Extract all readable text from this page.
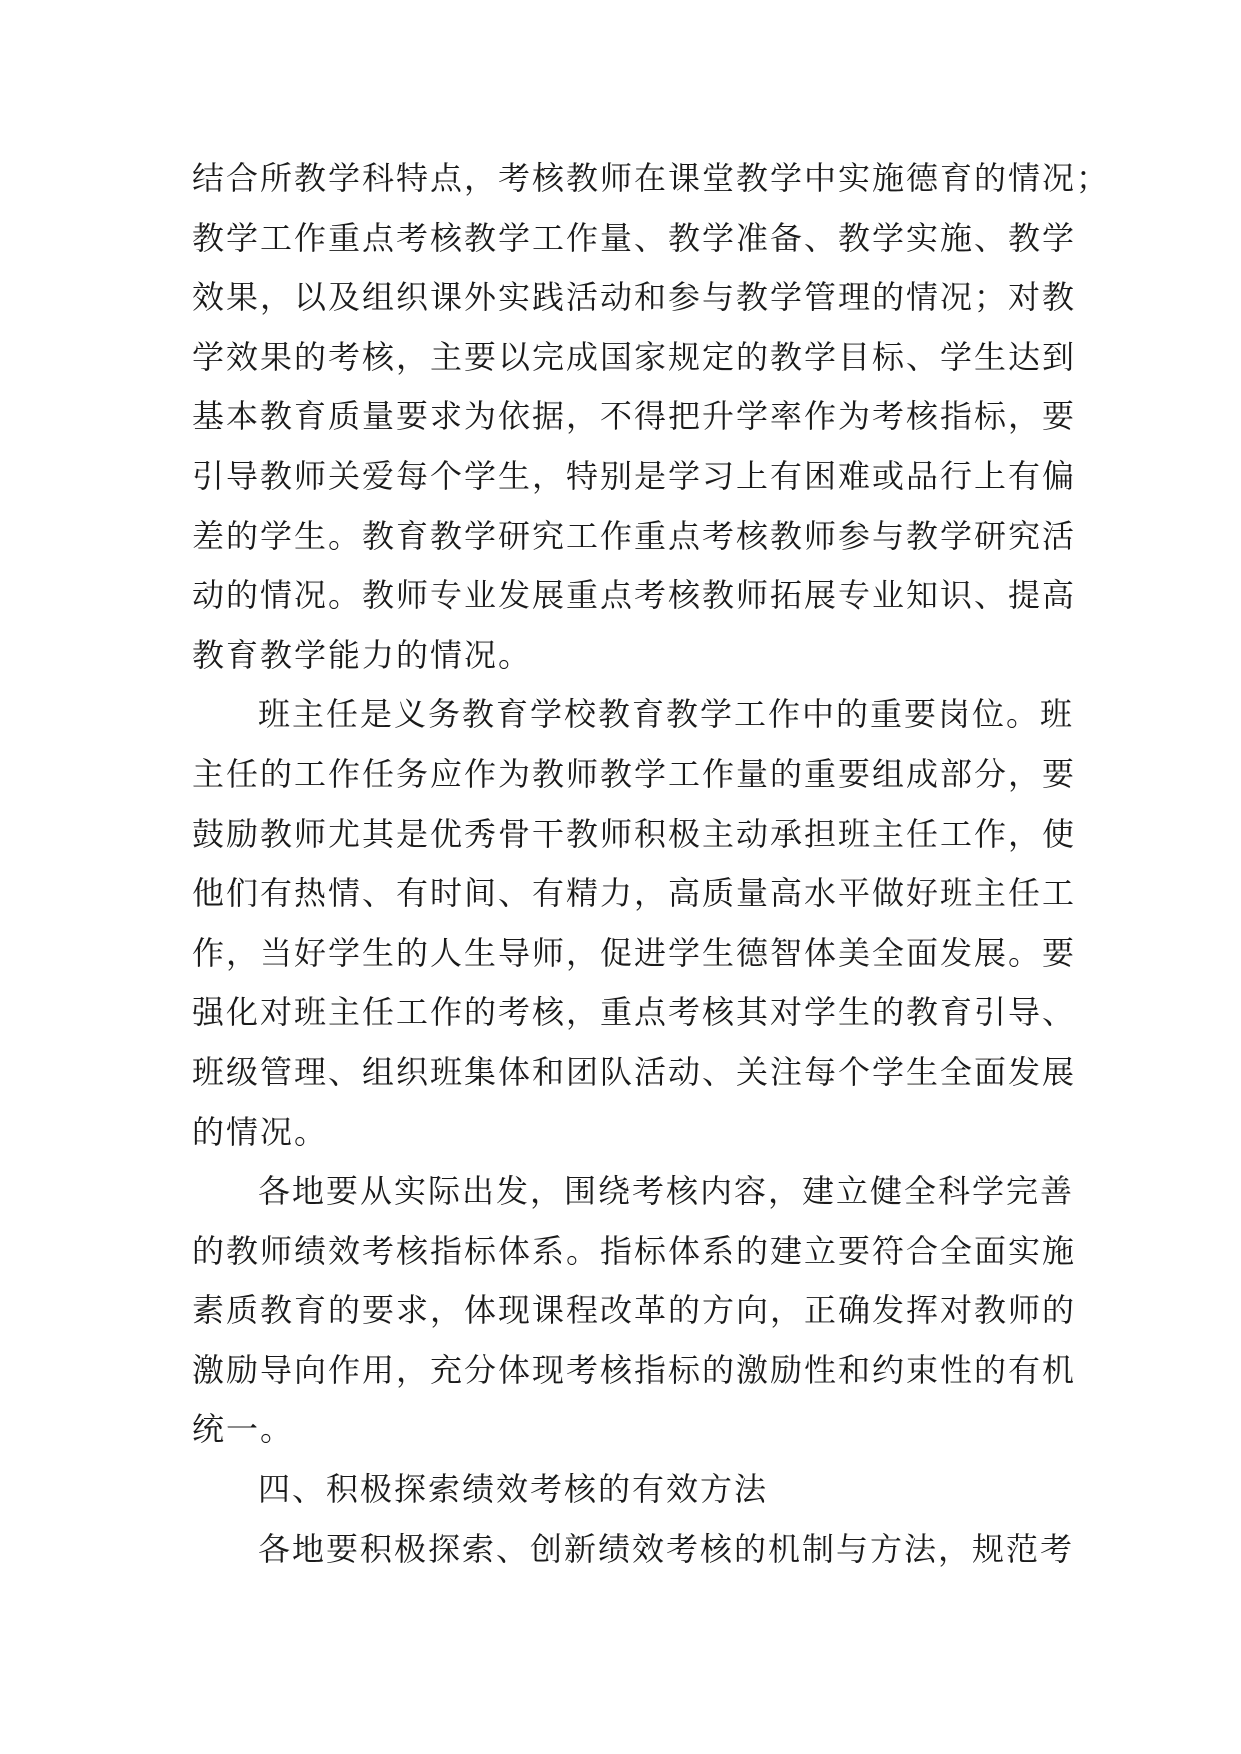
结合所教学科特点，考核教师在课堂教学中实施德育的情况；
教学工作重点考核教学工作量、教学准备、教学实施、教学
效果，以及组织课外实践活动和参与教学管理的情况；对教
学效果的考核，主要以完成国家规定的教学目标、学生达到
基本教育质量要求为依据，不得把升学率作为考核指标，要
引导教师关爱每个学生，特别是学习上有困难或品行上有偏
差的学生。教育教学研究工作重点考核教师参与教学研究活
动的情况。教师专业发展重点考核教师拓展专业知识、提高
教育教学能力的情况。
班主任是义务教育学校教育教学工作中的重要岗位。班
主任的工作任务应作为教师教学工作量的重要组成部分，要
鼓励教师尤其是优秀骨干教师积极主动承担班主任工作，使
他们有热情、有时间、有精力，高质量高水平做好班主任工
作，当好学生的人生导师，促进学生德智体美全面发展。要
强化对班主任工作的考核，重点考核其对学生的教育引导、
班级管理、组织班集体和团队活动、关注每个学生全面发展
的情况。
各地要从实际出发，围绕考核内容，建立健全科学完善
的教师绩效考核指标体系。指标体系的建立要符合全面实施
素质教育的要求，体现课程改革的方向，正确发挥对教师的
激励导向作用，充分体现考核指标的激励性和约束性的有机
统一。
四、积极探索绩效考核的有效方法
各地要积极探索、创新绩效考核的机制与方法，规范考
